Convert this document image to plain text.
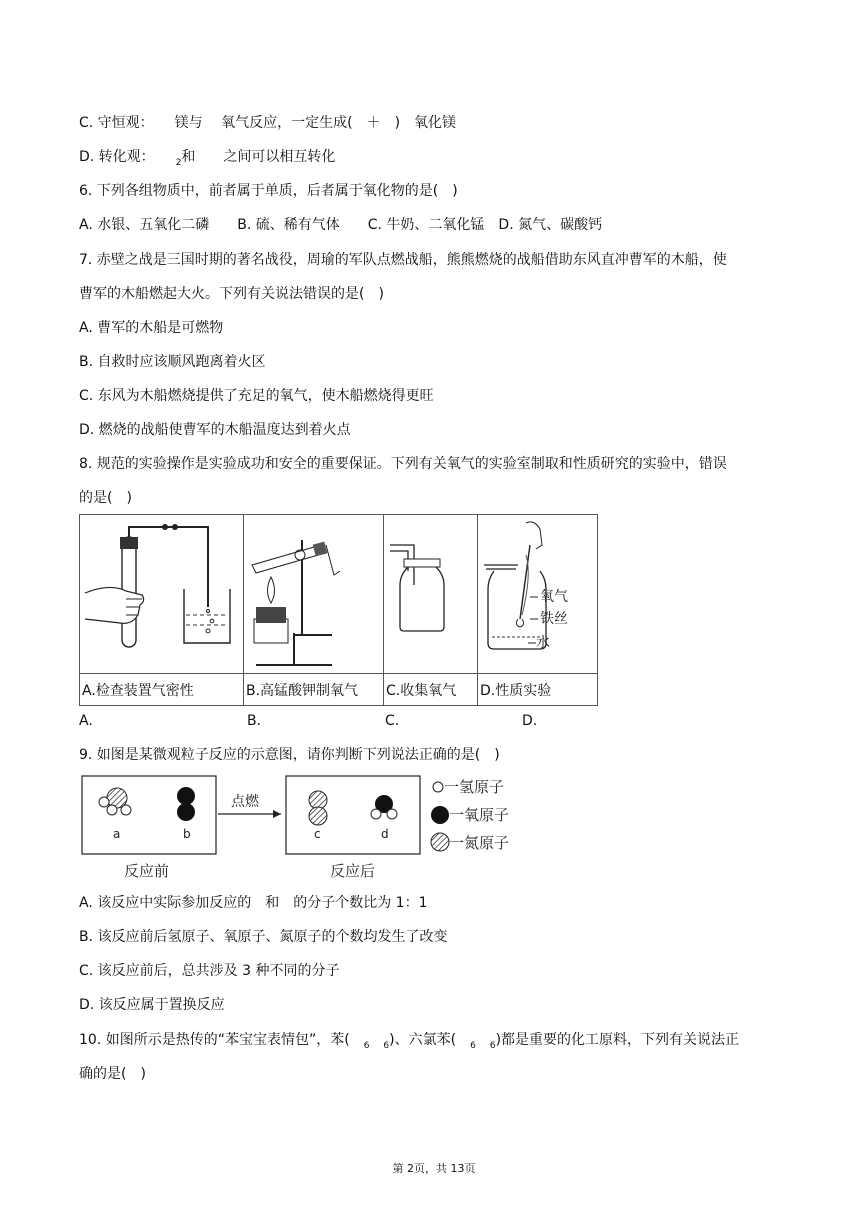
C. 守恒观：　　镁与　 氧气反应，一定生成(　＋　)　氧化镁
D. 转化观：　　$_2$和　　之间可以相互转化
6. 下列各组物质中，前者属于单质，后者属于氧化物的是(　)
A. 水银、五氧化二磷　　B. 硫、稀有气体　　C. 牛奶、二氧化锰　D. 氮气、碳酸钙
7. 赤壁之战是三国时期的著名战役，周瑜的军队点燃战船，熊熊燃烧的战船借助东风直冲曹军的木船，使
曹军的木船燃起大火。下列有关说法错误的是(　)
A. 曹军的木船是可燃物
B. 自救时应该顺风跑离着火区
C. 东风为木船燃烧提供了充足的氧气，使木船燃烧得更旺
D. 燃烧的战船使曹军的木船温度达到着火点
8. 规范的实验操作是实验成功和安全的重要保证。下列有关氧气的实验室制取和性质研究的实验中，错误
的是(　)

氧气
铁丝
水

A.检查装置气密性	B.高锰酸钾制氧气	C.收集氧气	D.性质实验
A.	B.	C.	D.
9. 如图是某微观粒子反应的示意图，请你判断下列说法正确的是(　)
a	b
点燃
c	d
反应前	反应后
一氢原子
一氧原子
一氮原子
A. 该反应中实际参加反应的　和　的分子个数比为 1：1
B. 该反应前后氢原子、氧原子、氮原子的个数均发生了改变
C. 该反应前后，总共涉及 3 种不同的分子
D. 该反应属于置换反应
10. 如图所示是热传的“苯宝宝表情包”，苯(　$_6$　 $_6$)、六氯苯(　$_6$　 $_6$)都是重要的化工原料，下列有关说法正
确的是(　)
第 2页，共 13页
